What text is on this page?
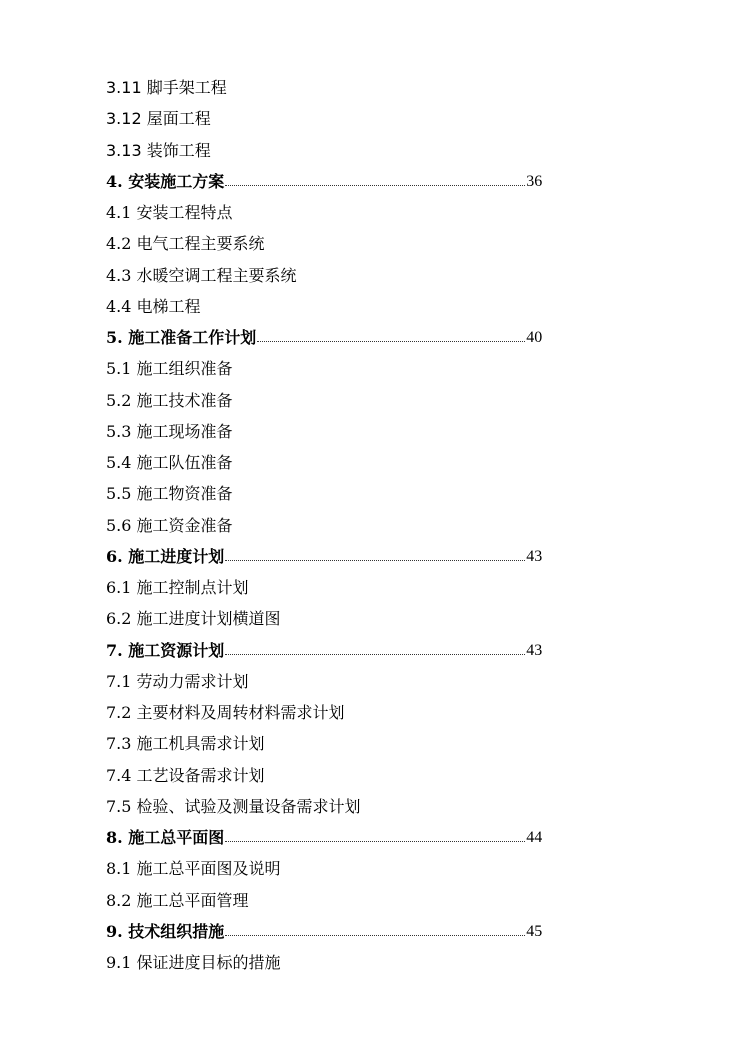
3.11 脚手架工程
3.12 屋面工程
3.13 装饰工程
4. 安装施工方案	36
4.1 安装工程特点
4.2 电气工程主要系统
4.3 水暖空调工程主要系统
4.4 电梯工程
5. 施工准备工作计划	40
5.1 施工组织准备
5.2 施工技术准备
5.3 施工现场准备
5.4 施工队伍准备
5.5 施工物资准备
5.6 施工资金准备
6. 施工进度计划	43
6.1 施工控制点计划
6.2 施工进度计划横道图
7. 施工资源计划	43
7.1 劳动力需求计划
7.2 主要材料及周转材料需求计划
7.3 施工机具需求计划
7.4 工艺设备需求计划
7.5 检验、试验及测量设备需求计划
8. 施工总平面图	44
8.1 施工总平面图及说明
8.2 施工总平面管理
9. 技术组织措施	45
9.1 保证进度目标的措施
